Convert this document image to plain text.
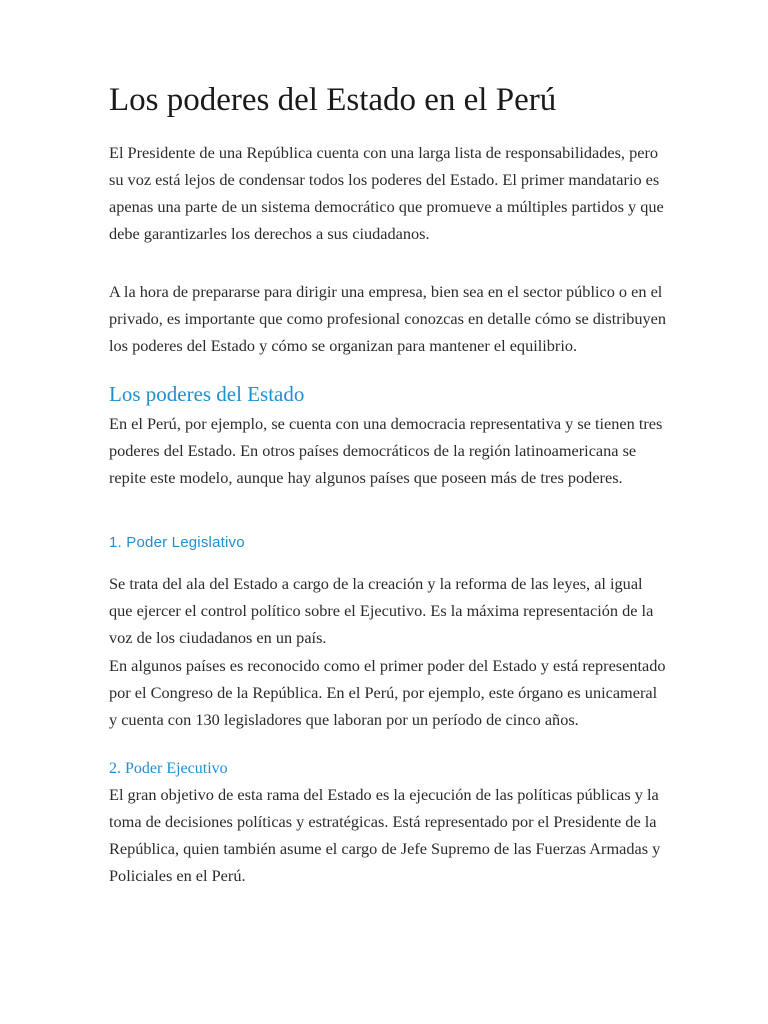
Los poderes del Estado en el Perú

El Presidente de una República cuenta con una larga lista de responsabilidades, pero su voz está lejos de condensar todos los poderes del Estado. El primer mandatario es apenas una parte de un sistema democrático que promueve a múltiples partidos y que debe garantizarles los derechos a sus ciudadanos.

A la hora de prepararse para dirigir una empresa, bien sea en el sector público o en el privado, es importante que como profesional conozcas en detalle cómo se distribuyen los poderes del Estado y cómo se organizan para mantener el equilibrio.

Los poderes del Estado

En el Perú, por ejemplo, se cuenta con una democracia representativa y se tienen tres poderes del Estado. En otros países democráticos de la región latinoamericana se repite este modelo, aunque hay algunos países que poseen más de tres poderes.

1. Poder Legislativo

Se trata del ala del Estado a cargo de la creación y la reforma de las leyes, al igual que ejercer el control político sobre el Ejecutivo. Es la máxima representación de la voz de los ciudadanos en un país.

En algunos países es reconocido como el primer poder del Estado y está representado por el Congreso de la República. En el Perú, por ejemplo, este órgano es unicameral y cuenta con 130 legisladores que laboran por un período de cinco años.

2. Poder Ejecutivo

El gran objetivo de esta rama del Estado es la ejecución de las políticas públicas y la toma de decisiones políticas y estratégicas. Está representado por el Presidente de la República, quien también asume el cargo de Jefe Supremo de las Fuerzas Armadas y Policiales en el Perú.
